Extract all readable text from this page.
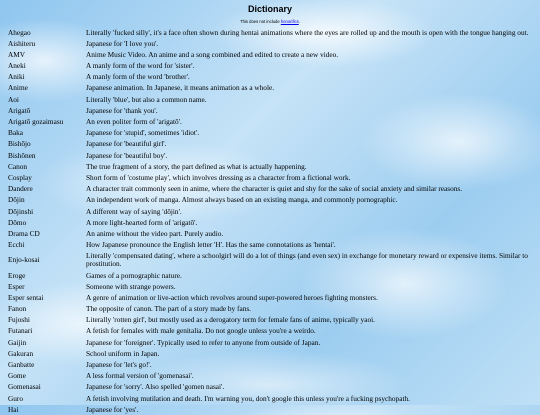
Dictionary
This does not include honorifics.
Ahegao	Literally 'fucked silly', it's a face often shown during hentai animations where the eyes are rolled up and the mouth is open with the tongue hanging out.
Aishiteru	Japanese for 'I love you'.
AMV	Anime Music Video. An anime and a song combined and edited to create a new video.
Aneki	A manly form of the word for 'sister'.
Aniki	A manly form of the word 'brother'.
Anime	Japanese animation. In Japanese, it means animation as a whole.
Aoi	Literally 'blue', but also a common name.
Arigatō	Japanese for 'thank you'.
Arigatō gozaimasu	An even politer form of 'arigatō'.
Baka	Japanese for 'stupid', sometimes 'idiot'.
Bishōjo	Japanese for 'beautiful girl'.
Bishōnen	Japanese for 'beautiful boy'.
Canon	The true fragment of a story, the part defined as what is actually happening.
Cosplay	Short form of 'costume play', which involves dressing as a character from a fictional work.
Dandere	A character trait commonly seen in anime, where the character is quiet and shy for the sake of social anxiety and similar reasons.
Dōjin	An independent work of manga. Almost always based on an existing manga, and commonly pornographic.
Dōjinshi	A different way of saying 'dōjin'.
Dōmo	A more light-hearted form of 'arigatō'.
Drama CD	An anime without the video part. Purely audio.
Ecchi	How Japanese pronounce the English letter 'H'. Has the same connotations as 'hentai'.
Enjo-kosai	Literally 'compensated dating', where a schoolgirl will do a lot of things (and even sex) in exchange for monetary reward or expensive items. Similar to prostitution.
Eroge	Games of a pornographic nature.
Esper	Someone with strange powers.
Esper sentai	A genre of animation or live-action which revolves around super-powered heroes fighting monsters.
Fanon	The opposite of canon. The part of a story made by fans.
Fujoshi	Literally 'rotten girl', but mostly used as a derogatory term for female fans of anime, typically yaoi.
Futanari	A fetish for females with male genitalia. Do not google unless you're a weirdo.
Gaijin	Japanese for 'foreigner'. Typically used to refer to anyone from outside of Japan.
Gakuran	School uniform in Japan.
Ganbatte	Japanese for 'let's go!'.
Gome	A less formal version of 'gomenasai'.
Gomenasai	Japanese for 'sorry'. Also spelled 'gomen nasai'.
Guro	A fetish involving mutilation and death. I'm warning you, don't google this unless you're a fucking psychopath.
Hai	Japanese for 'yes'.
